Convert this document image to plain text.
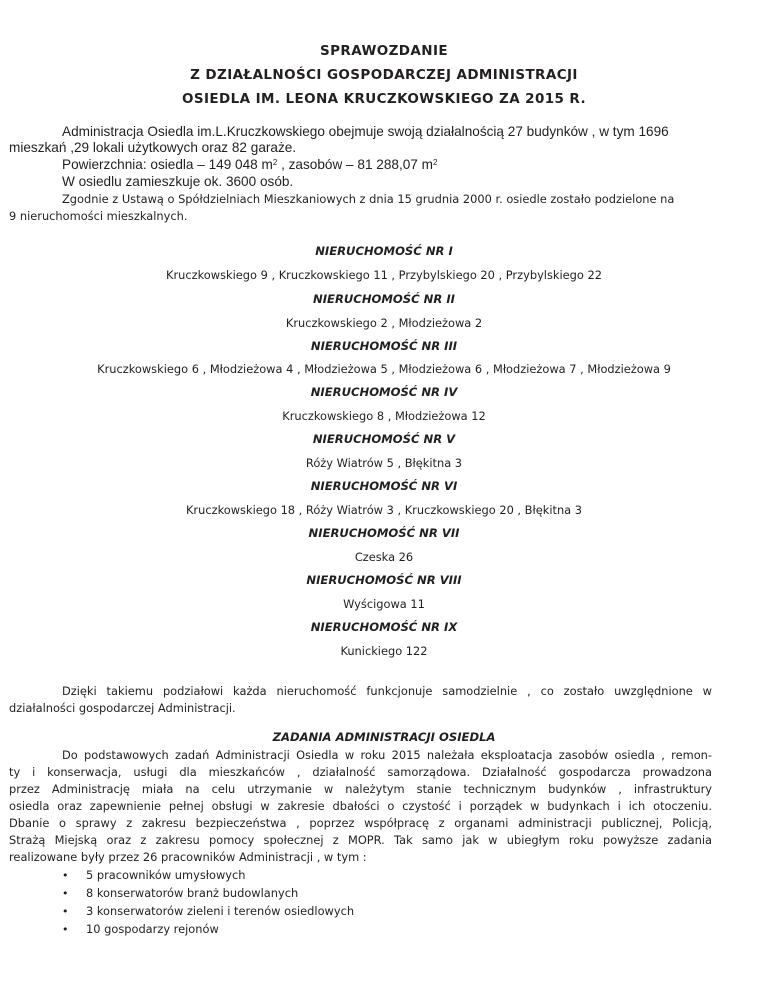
SPRAWOZDANIE
Z DZIAŁALNOŚCI GOSPODARCZEJ ADMINISTRACJI
OSIEDLA IM. LEONA KRUCZKOWSKIEGO ZA 2015 R.
Administracja Osiedla im.L.Kruczkowskiego obejmuje swoją działalnością 27 budynków , w tym 1696
mieszkań ,29 lokali użytkowych oraz 82 garaże.
Powierzchnia: osiedla – 149 048 $m^2$ , zasobów – 81 288,07 $m^2$
W osiedlu zamieszkuje ok. 3600 osób.
Zgodnie z Ustawą o Spółdzielniach Mieszkaniowych z dnia 15 grudnia 2000 r. osiedle zostało podzielone na
9 nieruchomości mieszkalnych.
NIERUCHOMOŚĆ NR I
Kruczkowskiego 9 , Kruczkowskiego 11 , Przybylskiego 20 , Przybylskiego 22
NIERUCHOMOŚĆ NR II
Kruczkowskiego 2 , Młodzieżowa 2
NIERUCHOMOŚĆ NR III
Kruczkowskiego 6 , Młodzieżowa 4 , Młodzieżowa 5 , Młodzieżowa 6 , Młodzieżowa 7 , Młodzieżowa 9
NIERUCHOMOŚĆ NR IV
Kruczkowskiego 8 , Młodzieżowa 12
NIERUCHOMOŚĆ NR V
Róży Wiatrów 5 , Błękitna 3
NIERUCHOMOŚĆ NR VI
Kruczkowskiego 18 , Róży Wiatrów 3 , Kruczkowskiego 20 , Błękitna 3
NIERUCHOMOŚĆ NR VII
Czeska 26
NIERUCHOMOŚĆ NR VIII
Wyścigowa 11
NIERUCHOMOŚĆ NR IX
Kunickiego 122
Dzięki takiemu podziałowi każda nieruchomość funkcjonuje samodzielnie , co zostało uwzględnione w
działalności gospodarczej Administracji.
ZADANIA ADMINISTRACJI OSIEDLA
Do podstawowych zadań Administracji Osiedla w roku 2015 należała eksploatacja zasobów osiedla , remon-
ty i konserwacja, usługi dla mieszkańców , działalność samorządowa. Działalność gospodarcza prowadzona
przez Administrację miała na celu utrzymanie w należytym stanie technicznym budynków , infrastruktury
osiedla oraz zapewnienie pełnej obsługi w zakresie dbałości o czystość i porządek w budynkach i ich otoczeniu.
Dbanie o sprawy z zakresu bezpieczeństwa , poprzez współpracę z organami administracji publicznej, Policją,
Strażą Miejską oraz z zakresu pomocy społecznej z MOPR. Tak samo jak w ubiegłym roku powyższe zadania
realizowane były przez 26 pracowników Administracji , w tym :
• 5 pracowników umysłowych
• 8 konserwatorów branż budowlanych
• 3 konserwatorów zieleni i terenów osiedlowych
• 10 gospodarzy rejonów
